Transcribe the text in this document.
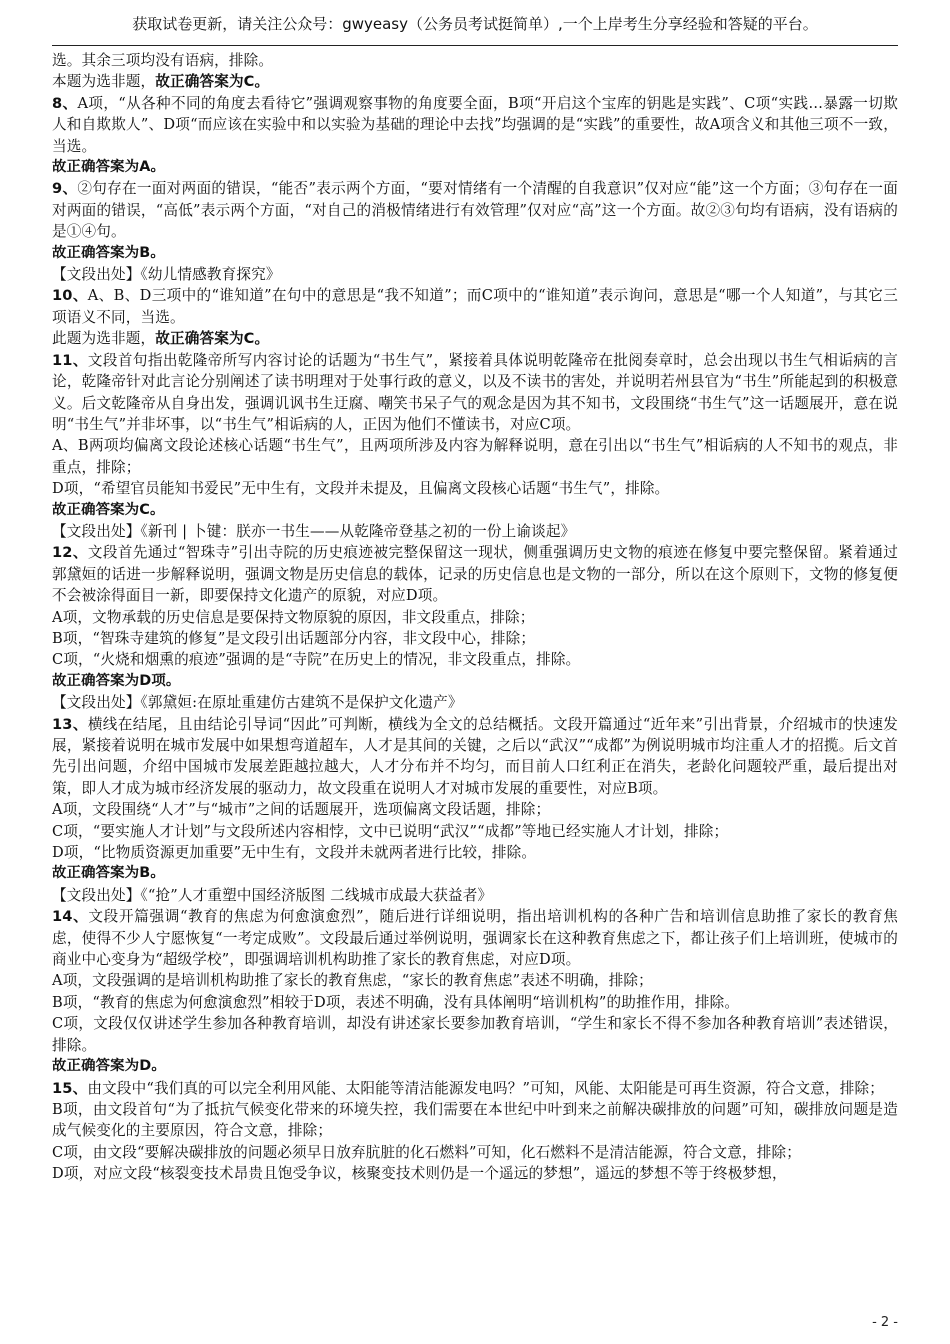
获取试卷更新，请关注公众号：gwyeasy（公务员考试挺简单）,一个上岸考生分享经验和答疑的平台。

选。其余三项均没有语病，排除。

本题为选非题，故正确答案为C。

8、A项，“从各种不同的角度去看待它”强调观察事物的角度要全面，B项“开启这个宝库的钥匙是实践”、C项“实践…暴露一切欺人和自欺欺人”、D项“而应该在实验中和以实验为基础的理论中去找”均强调的是“实践”的重要性，故A项含义和其他三项不一致，当选。

故正确答案为A。

9、②句存在一面对两面的错误，“能否”表示两个方面，“要对情绪有一个清醒的自我意识”仅对应“能”这一个方面；③句存在一面对两面的错误，“高低”表示两个方面，“对自己的消极情绪进行有效管理”仅对应“高”这一个方面。故②③句均有语病，没有语病的是①④句。

故正确答案为B。

【文段出处】《幼儿情感教育探究》

10、A、B、D三项中的“谁知道”在句中的意思是“我不知道”；而C项中的“谁知道”表示询问，意思是“哪一个人知道”，与其它三项语义不同，当选。

此题为选非题，故正确答案为C。

11、文段首句指出乾隆帝所写内容讨论的话题为“书生气”，紧接着具体说明乾隆帝在批阅奏章时，总会出现以书生气相诟病的言论，乾隆帝针对此言论分别阐述了读书明理对于处事行政的意义，以及不读书的害处，并说明若州县官为“书生”所能起到的积极意义。后文乾隆帝从自身出发，强调讥讽书生迂腐、嘲笑书呆子气的观念是因为其不知书，文段围绕“书生气”这一话题展开，意在说明“书生气”并非坏事，以“书生气”相诟病的人，正因为他们不懂读书，对应C项。

A、B两项均偏离文段论述核心话题“书生气”，且两项所涉及内容为解释说明，意在引出以“书生气”相诟病的人不知书的观点，非重点，排除；

D项，“希望官员能知书爱民”无中生有，文段并未提及，且偏离文段核心话题“书生气”，排除。

故正确答案为C。

【文段出处】《新刊 | 卜键：朕亦一书生——从乾隆帝登基之初的一份上谕谈起》

12、文段首先通过“智珠寺”引出寺院的历史痕迹被完整保留这一现状，侧重强调历史文物的痕迹在修复中要完整保留。紧着通过郭黛姮的话进一步解释说明，强调文物是历史信息的载体，记录的历史信息也是文物的一部分，所以在这个原则下，文物的修复便不会被涂得面目一新，即要保持文化遗产的原貌，对应D项。

A项，文物承载的历史信息是要保持文物原貌的原因，非文段重点，排除；

B项，“智珠寺建筑的修复”是文段引出话题部分内容，非文段中心，排除；

C项，“火烧和烟熏的痕迹”强调的是“寺院”在历史上的情况，非文段重点，排除。

故正确答案为D项。

【文段出处】《郭黛姮:在原址重建仿古建筑不是保护文化遗产》

13、横线在结尾，且由结论引导词“因此”可判断，横线为全文的总结概括。文段开篇通过“近年来”引出背景，介绍城市的快速发展，紧接着说明在城市发展中如果想弯道超车，人才是其间的关键，之后以“武汉”“成都”为例说明城市均注重人才的招揽。后文首先引出问题，介绍中国城市发展差距越拉越大，人才分布并不均匀，而目前人口红利正在消失，老龄化问题较严重，最后提出对策，即人才成为城市经济发展的驱动力，故文段重在说明人才对城市发展的重要性，对应B项。

A项，文段围绕“人才”与“城市”之间的话题展开，选项偏离文段话题，排除；

C项，“要实施人才计划”与文段所述内容相悖，文中已说明“武汉”“成都”等地已经实施人才计划，排除；

D项，“比物质资源更加重要”无中生有，文段并未就两者进行比较，排除。

故正确答案为B。

【文段出处】《“抢”人才重塑中国经济版图 二线城市成最大获益者》

14、文段开篇强调“教育的焦虑为何愈演愈烈”，随后进行详细说明，指出培训机构的各种广告和培训信息助推了家长的教育焦虑，使得不少人宁愿恢复“一考定成败”。文段最后通过举例说明，强调家长在这种教育焦虑之下，都让孩子们上培训班，使城市的商业中心变身为“超级学校”，即强调培训机构助推了家长的教育焦虑，对应D项。

A项，文段强调的是培训机构助推了家长的教育焦虑，“家长的教育焦虑”表述不明确，排除；

B项，“教育的焦虑为何愈演愈烈”相较于D项，表述不明确，没有具体阐明“培训机构”的助推作用，排除。

C项，文段仅仅讲述学生参加各种教育培训，却没有讲述家长要参加教育培训，“学生和家长不得不参加各种教育培训”表述错误，排除。

故正确答案为D。

15、由文段中“我们真的可以完全利用风能、太阳能等清洁能源发电吗？”可知，风能、太阳能是可再生资源，符合文意，排除；

B项，由文段首句“为了抵抗气候变化带来的环境失控，我们需要在本世纪中叶到来之前解决碳排放的问题”可知，碳排放问题是造成气候变化的主要原因，符合文意，排除；

C项，由文段“要解决碳排放的问题必须早日放弃肮脏的化石燃料”可知，化石燃料不是清洁能源，符合文意，排除；

D项，对应文段“核裂变技术昂贵且饱受争议，核聚变技术则仍是一个遥远的梦想”，遥远的梦想不等于终极梦想，

- 2 -
